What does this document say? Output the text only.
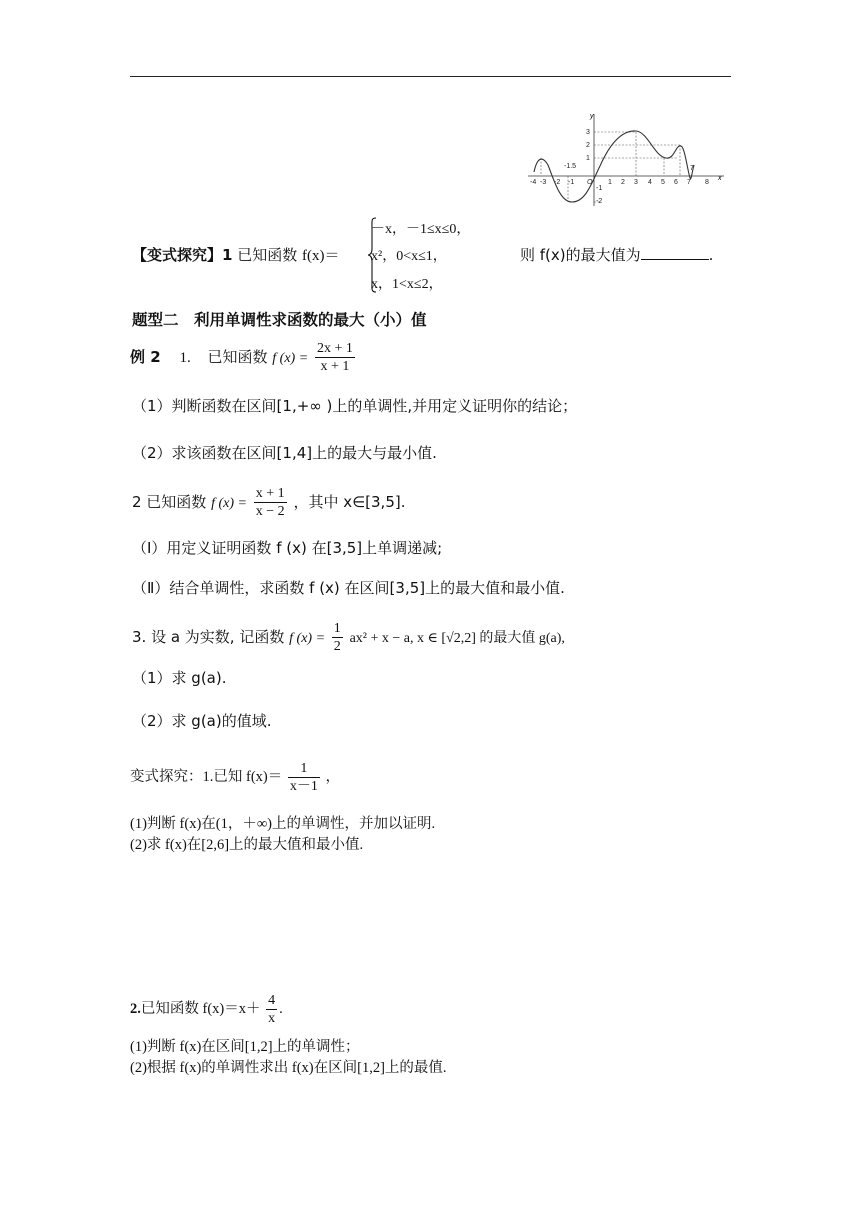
y
x
3
2
1
-1
-2
-4 -3 -2 -1 O 1 2 3 4 5 6 7 8
-1.5	7
【变式探究】1 已知函数 f(x)＝
－x，－1≤x≤0，
x²，0<x≤1，
x，1<x≤2，
则 f(x)的最大值为	.
题型二　利用单调性求函数的最大（小）值
例 2 1. 已知函数 f $(x) = \frac{2x + 1}{x + 1}$
（1）判断函数在区间[1,+∞ )上的单调性,并用定义证明你的结论；
（2）求该函数在区间[1,4]上的最大与最小值.
2 已知函数 f $(x) = \frac{x + 1}{x - 2}$ ，其中 x∈[3,5].
（Ⅰ）用定义证明函数 f (x) 在[3,5]上单调递减;
（Ⅱ）结合单调性，求函数 f (x) 在区间[3,5]上的最大值和最小值.
3. 设 a 为实数, 记函数 f $(x) = \frac{1}{2} ax^2 + x - a$, x ∈ [√2,2] 的最大值 g(a),
（1）求 g(a).
（2）求 g(a)的值域.
变式探究：1.已知 $f(x)= \frac{1}{x-1}$ ，
(1)判断 f(x)在(1，＋∞)上的单调性，并加以证明.
(2)求 f(x)在[2,6]上的最大值和最小值.
2.已知函数 $f(x)=x+ \frac{4}{x}$ .
(1)判断 f(x)在区间[1,2]上的单调性；
(2)根据 f(x)的单调性求出 f(x)在区间[1,2]上的最值.
